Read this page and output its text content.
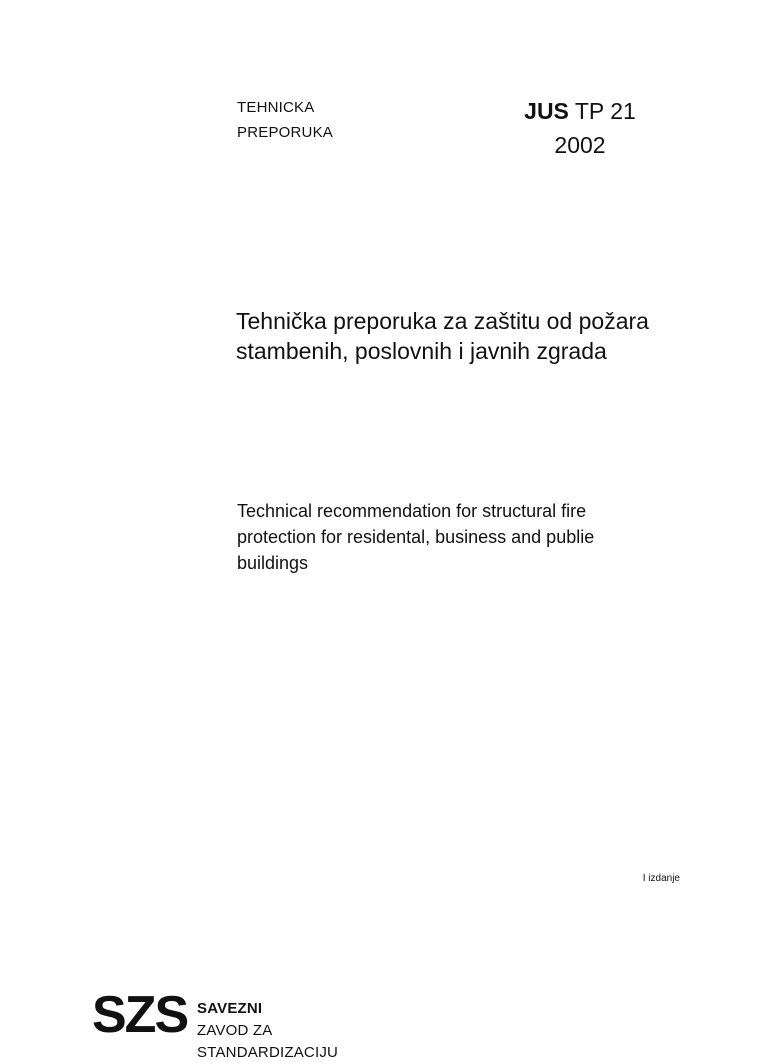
TEHNICKA
PREPORUKA
JUS TP 21
2002
Tehnička preporuka za zaštitu od požara
stambenih, poslovnih i javnih zgrada
Technical recommendation for structural fire
protection for residental, business and publie
buildings
I izdanje
SZS SAVEZNI
ZAVOD ZA
STANDARDIZACIJU
